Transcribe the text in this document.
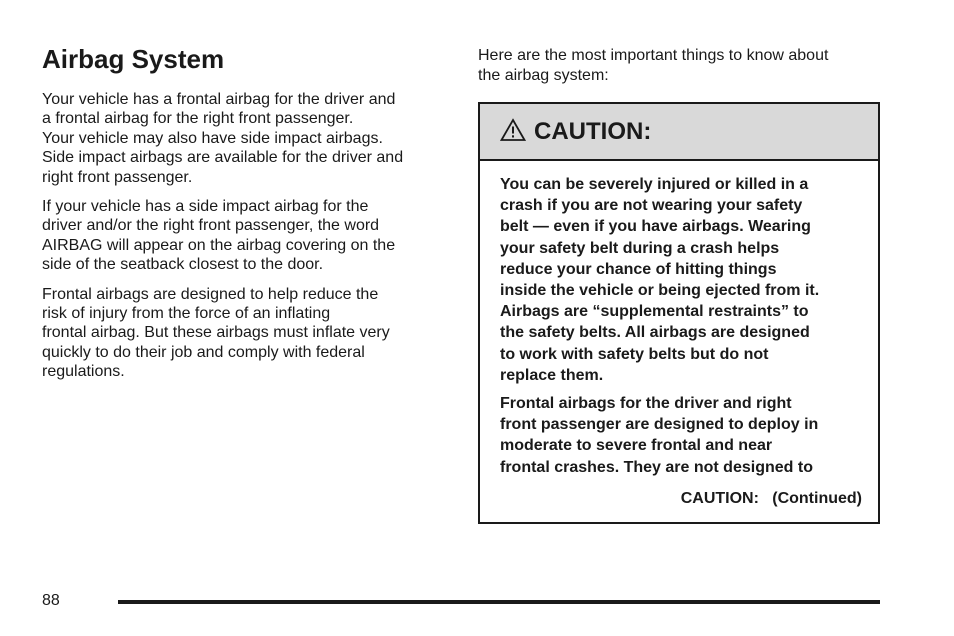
Airbag System

Your vehicle has a frontal airbag for the driver and
a frontal airbag for the right front passenger.
Your vehicle may also have side impact airbags.
Side impact airbags are available for the driver and
right front passenger.

If your vehicle has a side impact airbag for the
driver and/or the right front passenger, the word
AIRBAG will appear on the airbag covering on the
side of the seatback closest to the door.

Frontal airbags are designed to help reduce the
risk of injury from the force of an inflating
frontal airbag. But these airbags must inflate very
quickly to do their job and comply with federal
regulations.

Here are the most important things to know about
the airbag system:

CAUTION:

You can be severely injured or killed in a
crash if you are not wearing your safety
belt — even if you have airbags. Wearing
your safety belt during a crash helps
reduce your chance of hitting things
inside the vehicle or being ejected from it.
Airbags are “supplemental restraints” to
the safety belts. All airbags are designed
to work with safety belts but do not
replace them.

Frontal airbags for the driver and right
front passenger are designed to deploy in
moderate to severe frontal and near
frontal crashes. They are not designed to

CAUTION:   (Continued)
88
